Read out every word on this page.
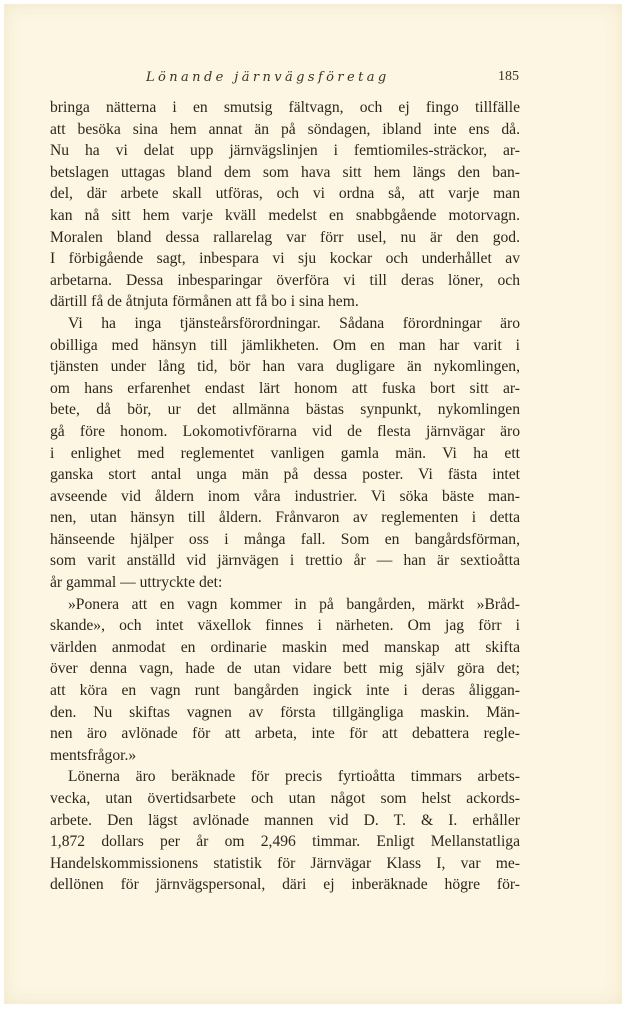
Lönande järnvägsföretag	185
bringa nätterna i en smutsig fältvagn, och ej fingo tillfälle
att besöka sina hem annat än på söndagen, ibland inte ens då.
Nu ha vi delat upp järnvägslinjen i femtiomiles-sträckor, ar-
betslagen uttagas bland dem som hava sitt hem längs den ban-
del, där arbete skall utföras, och vi ordna så, att varje man
kan nå sitt hem varje kväll medelst en snabbgående motorvagn.
Moralen bland dessa rallarelag var förr usel, nu är den god.
I förbigående sagt, inbespara vi sju kockar och underhållet av
arbetarna. Dessa inbesparingar överföra vi till deras löner, och
därtill få de åtnjuta förmånen att få bo i sina hem.
Vi ha inga tjänsteårsförordningar. Sådana förordningar äro
obilliga med hänsyn till jämlikheten. Om en man har varit i
tjänsten under lång tid, bör han vara dugligare än nykomlingen,
om hans erfarenhet endast lärt honom att fuska bort sitt ar-
bete, då bör, ur det allmänna bästas synpunkt, nykomlingen
gå före honom. Lokomotivförarna vid de flesta järnvägar äro
i enlighet med reglementet vanligen gamla män. Vi ha ett
ganska stort antal unga män på dessa poster. Vi fästa intet
avseende vid åldern inom våra industrier. Vi söka bäste man-
nen, utan hänsyn till åldern. Frånvaron av reglementen i detta
hänseende hjälper oss i många fall. Som en bangårdsförman,
som varit anställd vid järnvägen i trettio år — han är sextioåtta
år gammal — uttryckte det:
»Ponera att en vagn kommer in på bangården, märkt »Bråd-
skande», och intet växellok finnes i närheten. Om jag förr i
världen anmodat en ordinarie maskin med manskap att skifta
över denna vagn, hade de utan vidare bett mig själv göra det;
att köra en vagn runt bangården ingick inte i deras åliggan-
den. Nu skiftas vagnen av första tillgängliga maskin. Män-
nen äro avlönade för att arbeta, inte för att debattera regle-
mentsfrågor.»
Lönerna äro beräknade för precis fyrtioåtta timmars arbets-
vecka, utan övertidsarbete och utan något som helst ackords-
arbete. Den lägst avlönade mannen vid D. T. & I. erhåller
1,872 dollars per år om 2,496 timmar. Enligt Mellanstatliga
Handelskommissionens statistik för Järnvägar Klass I, var me-
dellönen för järnvägspersonal, däri ej inberäknade högre för-
